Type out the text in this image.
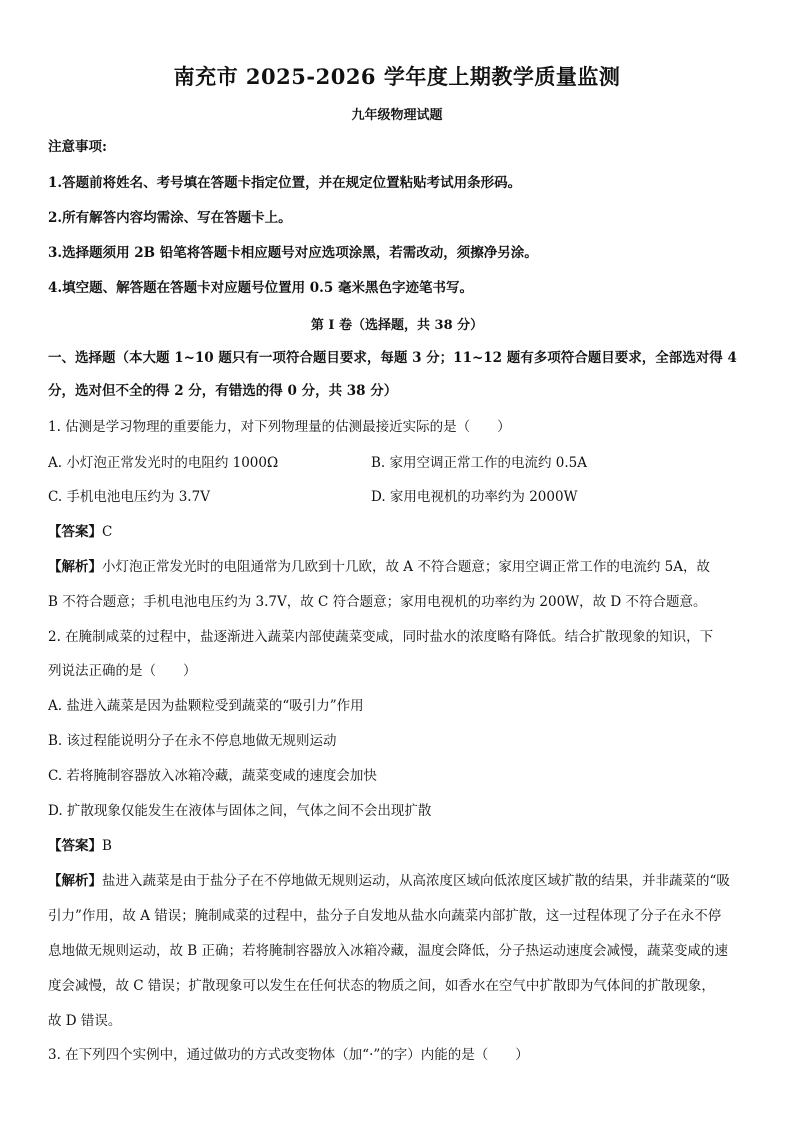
南充市 2025-2026 学年度上期教学质量监测
九年级物理试题
注意事项:
1.答题前将姓名、考号填在答题卡指定位置，并在规定位置粘贴考试用条形码。
2.所有解答内容均需涂、写在答题卡上。
3.选择题须用 2B 铅笔将答题卡相应题号对应选项涂黑，若需改动，须擦净另涂。
4.填空题、解答题在答题卡对应题号位置用 0.5 毫米黑色字迹笔书写。
第 I 卷（选择题，共 38 分）
一、选择题（本大题 1~10 题只有一项符合题目要求，每题 3 分；11~12 题有多项符合题目要求，全部选对得 4
分，选对但不全的得 2 分，有错选的得 0 分，共 38 分）
1. 估测是学习物理的重要能力，对下列物理量的估测最接近实际的是（　　）
A. 小灯泡正常发光时的电阻约 1000Ω	B. 家用空调正常工作的电流约 0.5A
C. 手机电池电压约为 3.7V	D. 家用电视机的功率约为 2000W
【答案】C
【解析】小灯泡正常发光时的电阻通常为几欧到十几欧，故 A 不符合题意；家用空调正常工作的电流约 5A，故
B 不符合题意；手机电池电压约为 3.7V，故 C 符合题意；家用电视机的功率约为 200W，故 D 不符合题意。
2. 在腌制咸菜的过程中，盐逐渐进入蔬菜内部使蔬菜变咸，同时盐水的浓度略有降低。结合扩散现象的知识，下
列说法正确的是（　　）
A. 盐进入蔬菜是因为盐颗粒受到蔬菜的“吸引力”作用
B. 该过程能说明分子在永不停息地做无规则运动
C. 若将腌制容器放入冰箱冷藏，蔬菜变咸的速度会加快
D. 扩散现象仅能发生在液体与固体之间，气体之间不会出现扩散
【答案】B
【解析】盐进入蔬菜是由于盐分子在不停地做无规则运动，从高浓度区域向低浓度区域扩散的结果，并非蔬菜的“吸
引力”作用，故 A 错误；腌制咸菜的过程中，盐分子自发地从盐水向蔬菜内部扩散，这一过程体现了分子在永不停
息地做无规则运动，故 B 正确；若将腌制容器放入冰箱冷藏，温度会降低，分子热运动速度会减慢，蔬菜变咸的速
度会减慢，故 C 错误；扩散现象可以发生在任何状态的物质之间，如香水在空气中扩散即为气体间的扩散现象，
故 D 错误。
3. 在下列四个实例中，通过做功的方式改变物体（加“·”的字）内能的是（　　）
